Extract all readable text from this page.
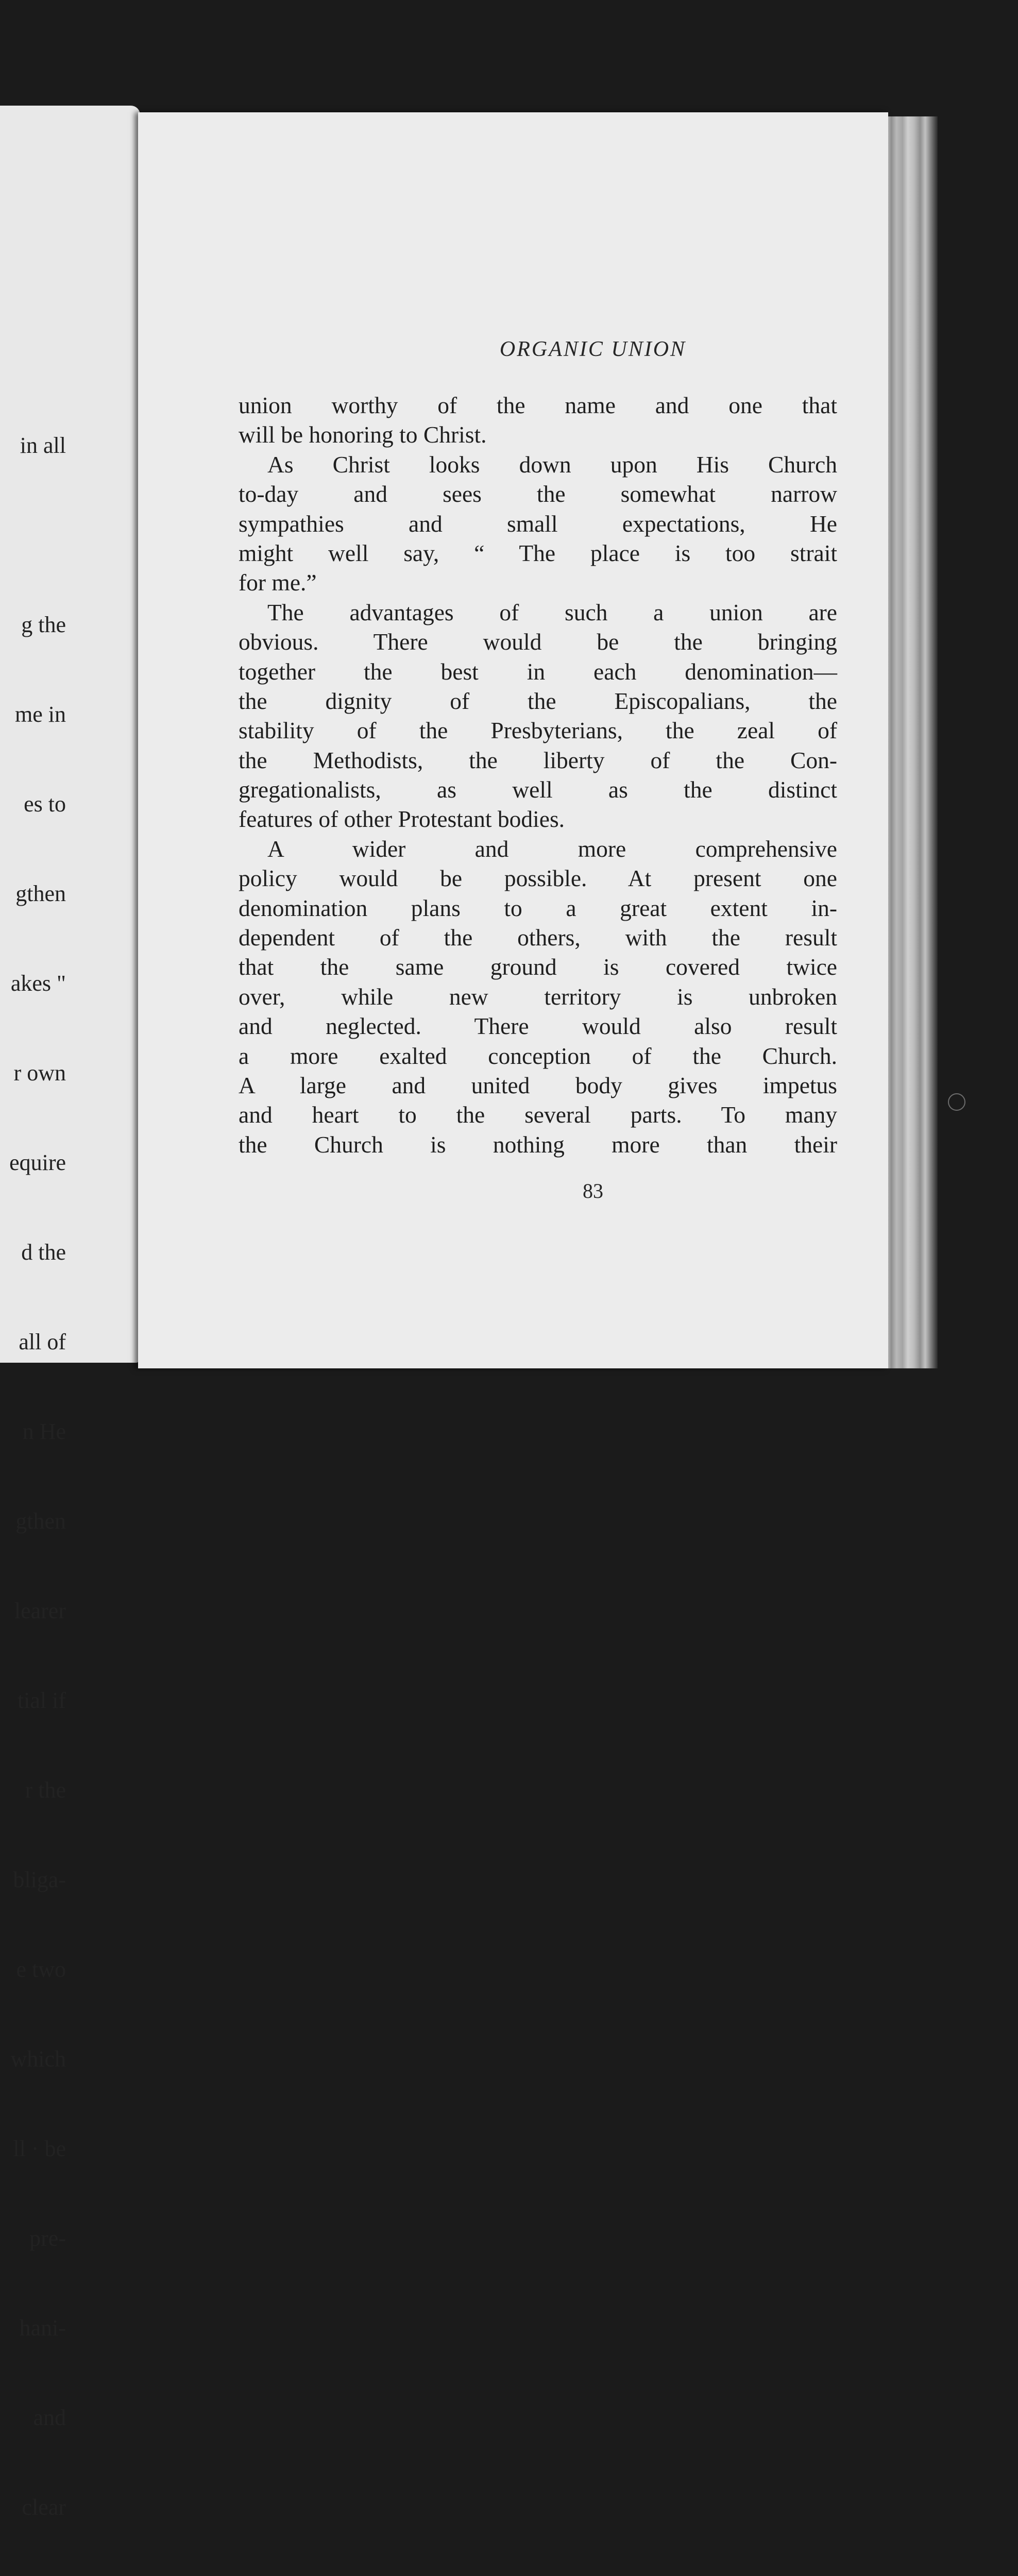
in all

g the

me in

es to

gthen

akes "

r own

equire

d the

all of

n He

gthen

learer

tial if

r the

bliga-

e two

which

ll · be

pre-

hani-

and

clear

ORGANIC UNION
union worthy of the name and one that
will be honoring to Christ.
As Christ looks down upon His Church
to-day and sees the somewhat narrow
sympathies and small expectations, He
might well say, “ The place is too strait
for me.”
The advantages of such a union are
obvious. There would be the bringing
together the best in each denomination—
the dignity of the Episcopalians, the
stability of the Presbyterians, the zeal of
the Methodists, the liberty of the Con-
gregationalists, as well as the distinct
features of other Protestant bodies.
A wider and more comprehensive
policy would be possible. At present one
denomination plans to a great extent in-
dependent of the others, with the result
that the same ground is covered twice
over, while new territory is unbroken
and neglected. There would also result
a more exalted conception of the Church.
A large and united body gives impetus
and heart to the several parts. To many
the Church is nothing more than their
83
